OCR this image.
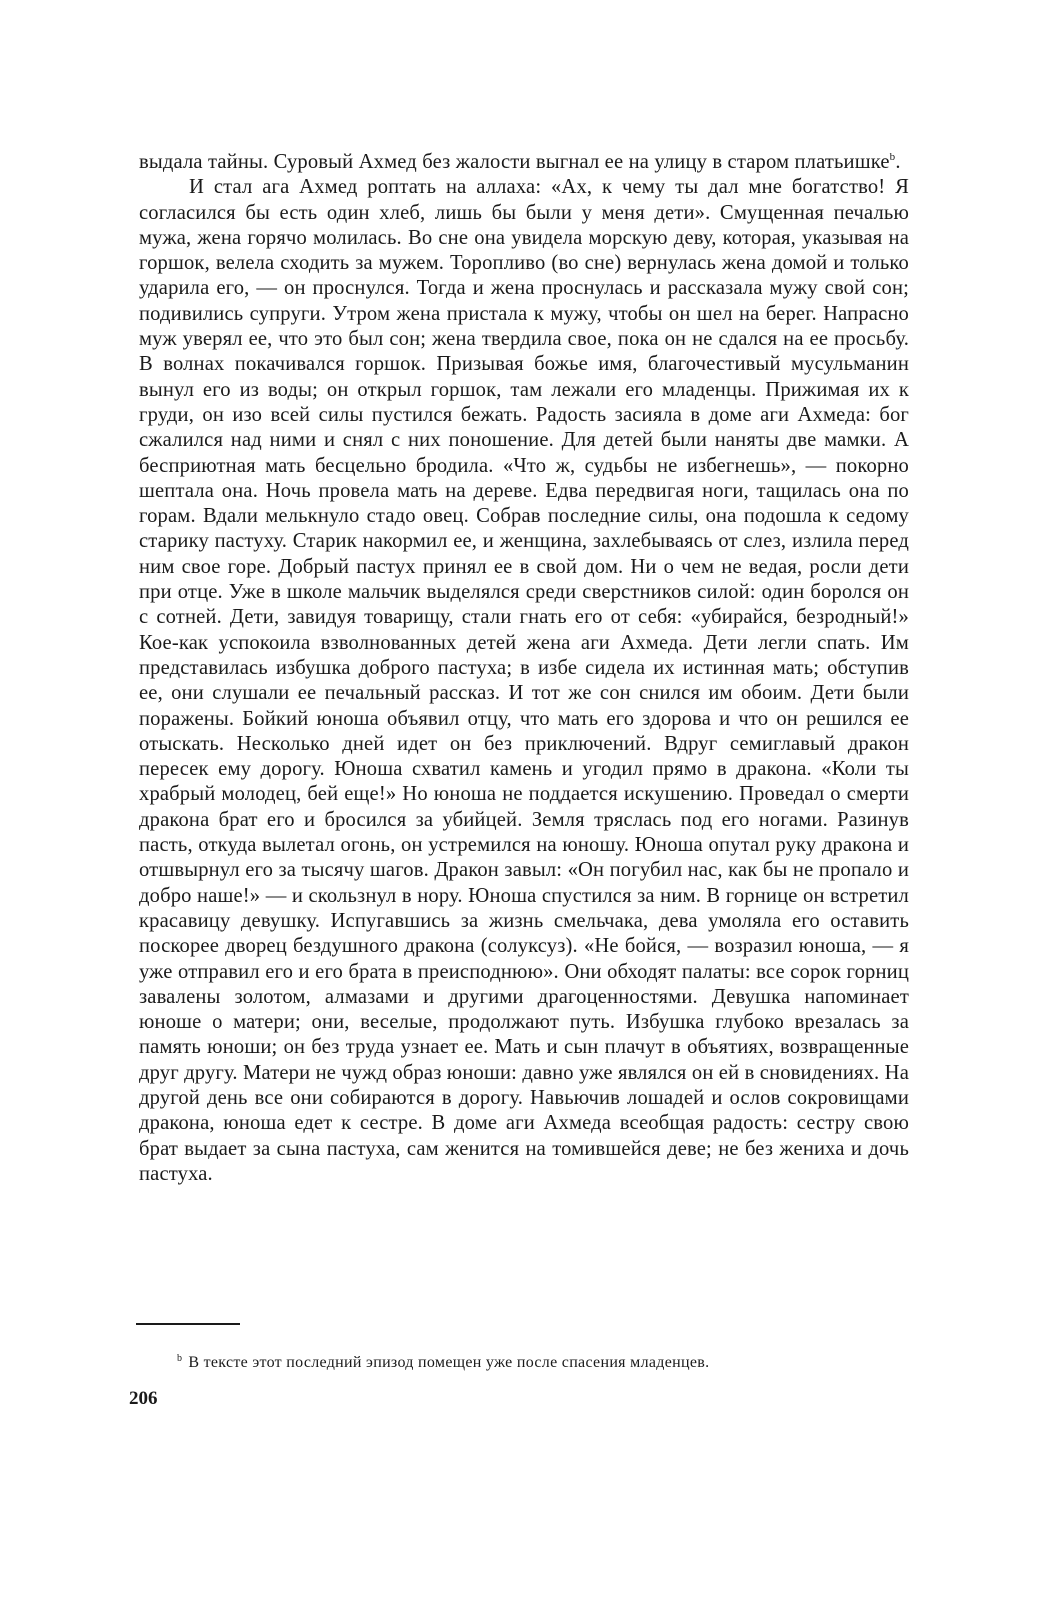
выдала тайны. Суровый Ахмед без жалости выгнал ее на улицу в старом платьишке$^b$.

И стал ага Ахмед роптать на аллаха: «Ах, к чему ты дал мне богатство! Я согласился бы есть один хлеб, лишь бы были у меня дети». Смущенная печалью мужа, жена горячо молилась. Во сне она увидела морскую деву, которая, указывая на горшок, велела сходить за мужем. Торопливо (во сне) вернулась жена домой и только ударила его, — он проснулся. Тогда и жена проснулась и рассказала мужу свой сон; подивились супруги. Утром жена пристала к мужу, чтобы он шел на берег. Напрасно муж уверял ее, что это был сон; жена твердила свое, пока он не сдался на ее просьбу. В волнах покачивался горшок. Призывая божье имя, благочестивый мусульманин вынул его из воды; он открыл горшок, там лежали его младенцы. Прижимая их к груди, он изо всей силы пустился бежать. Радость засияла в доме аги Ахмеда: бог сжалился над ними и снял с них поношение. Для детей были наняты две мамки. А бесприютная мать бесцельно бродила. «Что ж, судьбы не избегнешь», — покорно шептала она. Ночь провела мать на дереве. Едва передвигая ноги, тащилась она по горам. Вдали мелькнуло стадо овец. Собрав последние силы, она подошла к седому старику пастуху. Старик накормил ее, и женщина, захлебываясь от слез, излила перед ним свое горе. Добрый пастух принял ее в свой дом. Ни о чем не ведая, росли дети при отце. Уже в школе мальчик выделялся среди сверстников силой: один боролся он с сотней. Дети, завидуя товарищу, стали гнать его от себя: «убирайся, безродный!» Кое-как успокоила взволнованных детей жена аги Ахмеда. Дети легли спать. Им представилась избушка доброго пастуха; в избе сидела их истинная мать; обступив ее, они слушали ее печальный рассказ. И тот же сон снился им обоим. Дети были поражены. Бойкий юноша объявил отцу, что мать его здорова и что он решился ее отыскать. Несколько дней идет он без приключений. Вдруг семиглавый дракон пересек ему дорогу. Юноша схватил камень и угодил прямо в дракона. «Коли ты храбрый молодец, бей еще!» Но юноша не поддается искушению. Проведал о смерти дракона брат его и бросился за убийцей. Земля тряслась под его ногами. Разинув пасть, откуда вылетал огонь, он устремился на юношу. Юноша опутал руку дракона и отшвырнул его за тысячу шагов. Дракон завыл: «Он погубил нас, как бы не пропало и добро наше!» — и скользнул в нору. Юноша спустился за ним. В горнице он встретил красавицу девушку. Испугавшись за жизнь смельчака, дева умоляла его оставить поскорее дворец бездушного дракона (солуксуз). «Не бойся, — возразил юноша, — я уже отправил его и его брата в преисподнюю». Они обходят палаты: все сорок горниц завалены золотом, алмазами и другими драгоценностями. Девушка напоминает юноше о матери; они, веселые, продолжают путь. Избушка глубоко врезалась за память юноши; он без труда узнает ее. Мать и сын плачут в объятиях, возвращенные друг другу. Матери не чужд образ юноши: давно уже являлся он ей в сновидениях. На другой день все они собираются в дорогу. Навьючив лошадей и ослов сокровищами дракона, юноша едет к сестре. В доме аги Ахмеда всеобщая радость: сестру свою брат выдает за сына пастуха, сам женится на томившейся деве; не без жениха и дочь пастуха.

$^b$ В тексте этот последний эпизод помещен уже после спасения младенцев.
206
